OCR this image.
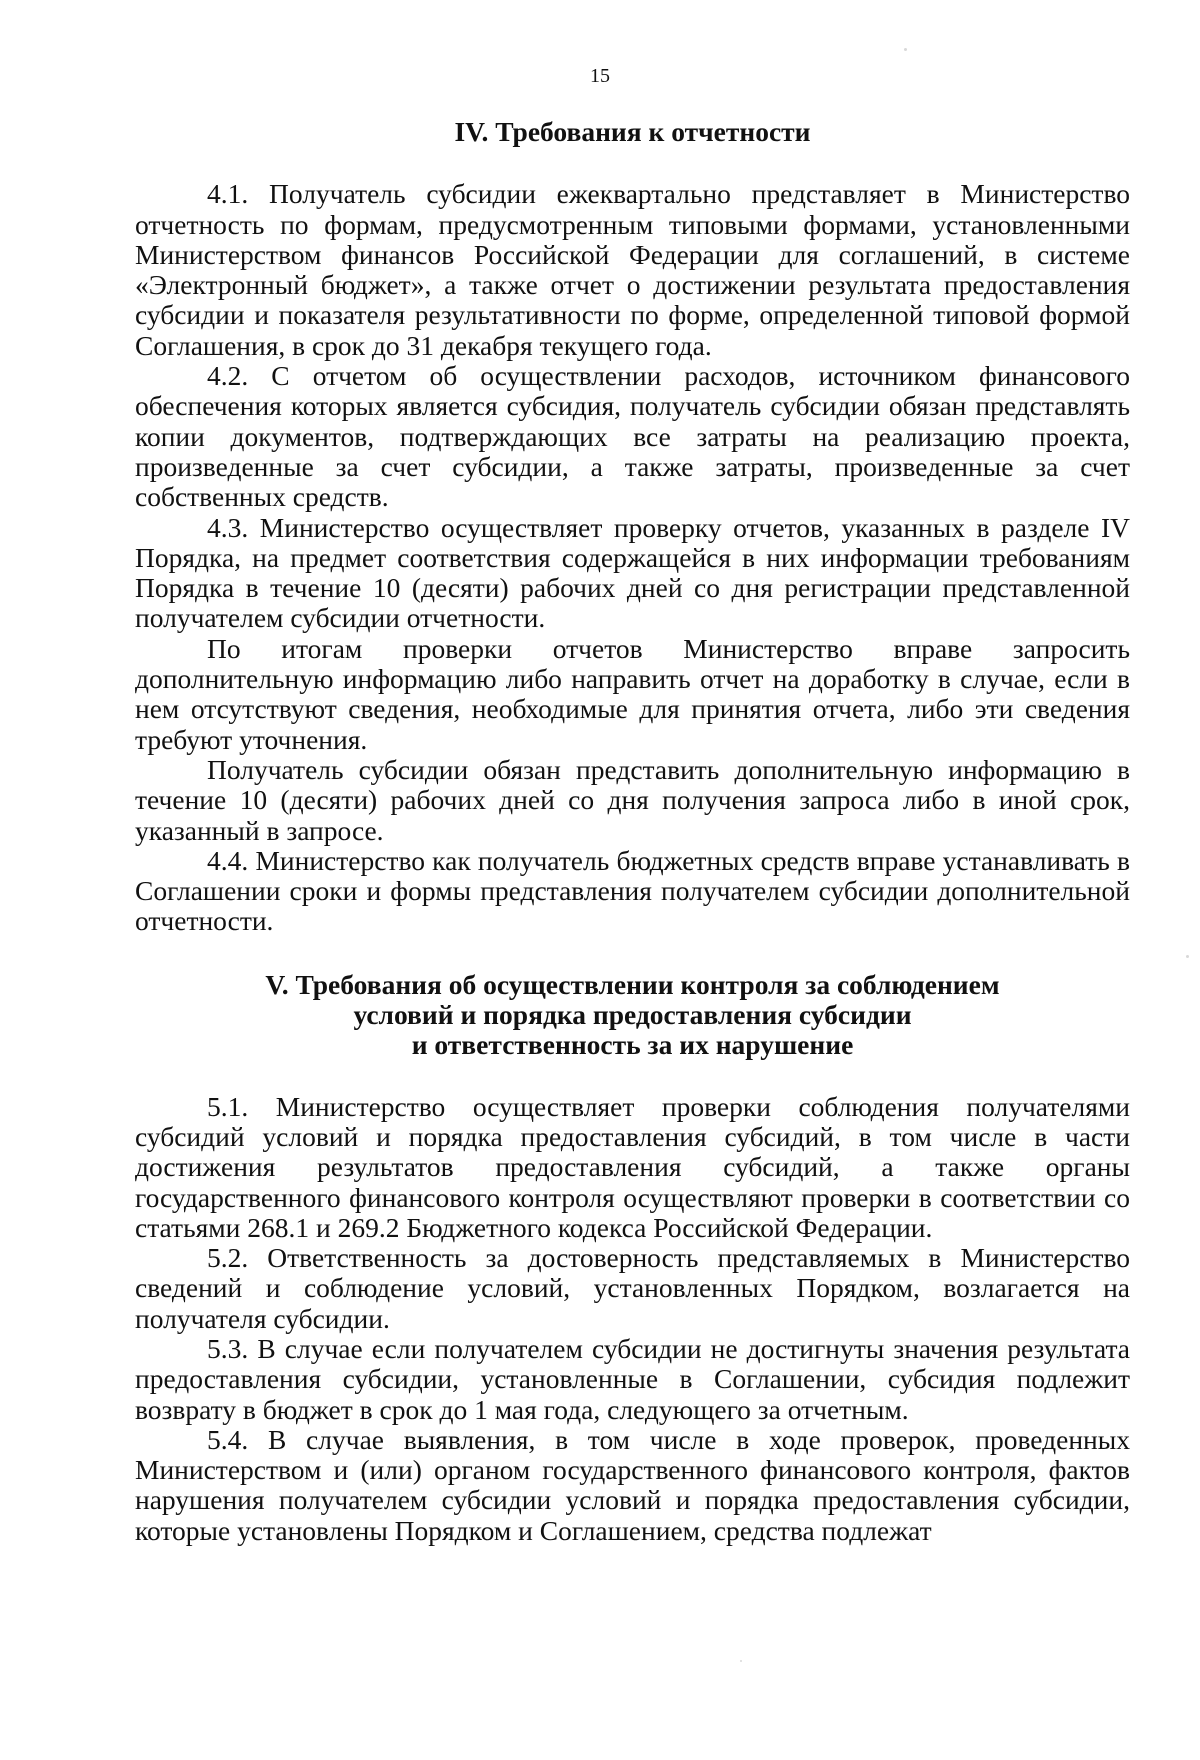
15
IV. Требования к отчетности

4.1. Получатель субсидии ежеквартально представляет в Министерство отчетность по формам, предусмотренным типовыми формами, установленными Министерством финансов Российской Федерации для соглашений, в системе «Электронный бюджет», а также отчет о достижении результата предоставления субсидии и показателя результативности по форме, определенной типовой формой Соглашения, в срок до 31 декабря текущего года.

4.2. С отчетом об осуществлении расходов, источником финансового обеспечения которых является субсидия, получатель субсидии обязан представлять копии документов, подтверждающих все затраты на реализацию проекта, произведенные за счет субсидии, а также затраты, произведенные за счет собственных средств.

4.3. Министерство осуществляет проверку отчетов, указанных в разделе IV Порядка, на предмет соответствия содержащейся в них информации требованиям Порядка в течение 10 (десяти) рабочих дней со дня регистрации представленной получателем субсидии отчетности.

По итогам проверки отчетов Министерство вправе запросить дополнительную информацию либо направить отчет на доработку в случае, если в нем отсутствуют сведения, необходимые для принятия отчета, либо эти сведения требуют уточнения.

Получатель субсидии обязан представить дополнительную информацию в течение 10 (десяти) рабочих дней со дня получения запроса либо в иной срок, указанный в запросе.

4.4. Министерство как получатель бюджетных средств вправе устанавливать в Соглашении сроки и формы представления получателем субсидии дополнительной отчетности.

V. Требования об осуществлении контроля за соблюдением
условий и порядка предоставления субсидии
и ответственность за их нарушение

5.1. Министерство осуществляет проверки соблюдения получателями субсидий условий и порядка предоставления субсидий, в том числе в части достижения результатов предоставления субсидий, а также органы государственного финансового контроля осуществляют проверки в соответствии со статьями 268.1 и 269.2 Бюджетного кодекса Российской Федерации.

5.2. Ответственность за достоверность представляемых в Министерство сведений и соблюдение условий, установленных Порядком, возлагается на получателя субсидии.

5.3. В случае если получателем субсидии не достигнуты значения результата предоставления субсидии, установленные в Соглашении, субсидия подлежит возврату в бюджет в срок до 1 мая года, следующего за отчетным.

5.4. В случае выявления, в том числе в ходе проверок, проведенных Министерством и (или) органом государственного финансового контроля, фактов нарушения получателем субсидии условий и порядка предоставления субсидии, которые установлены Порядком и Соглашением, средства подлежат
